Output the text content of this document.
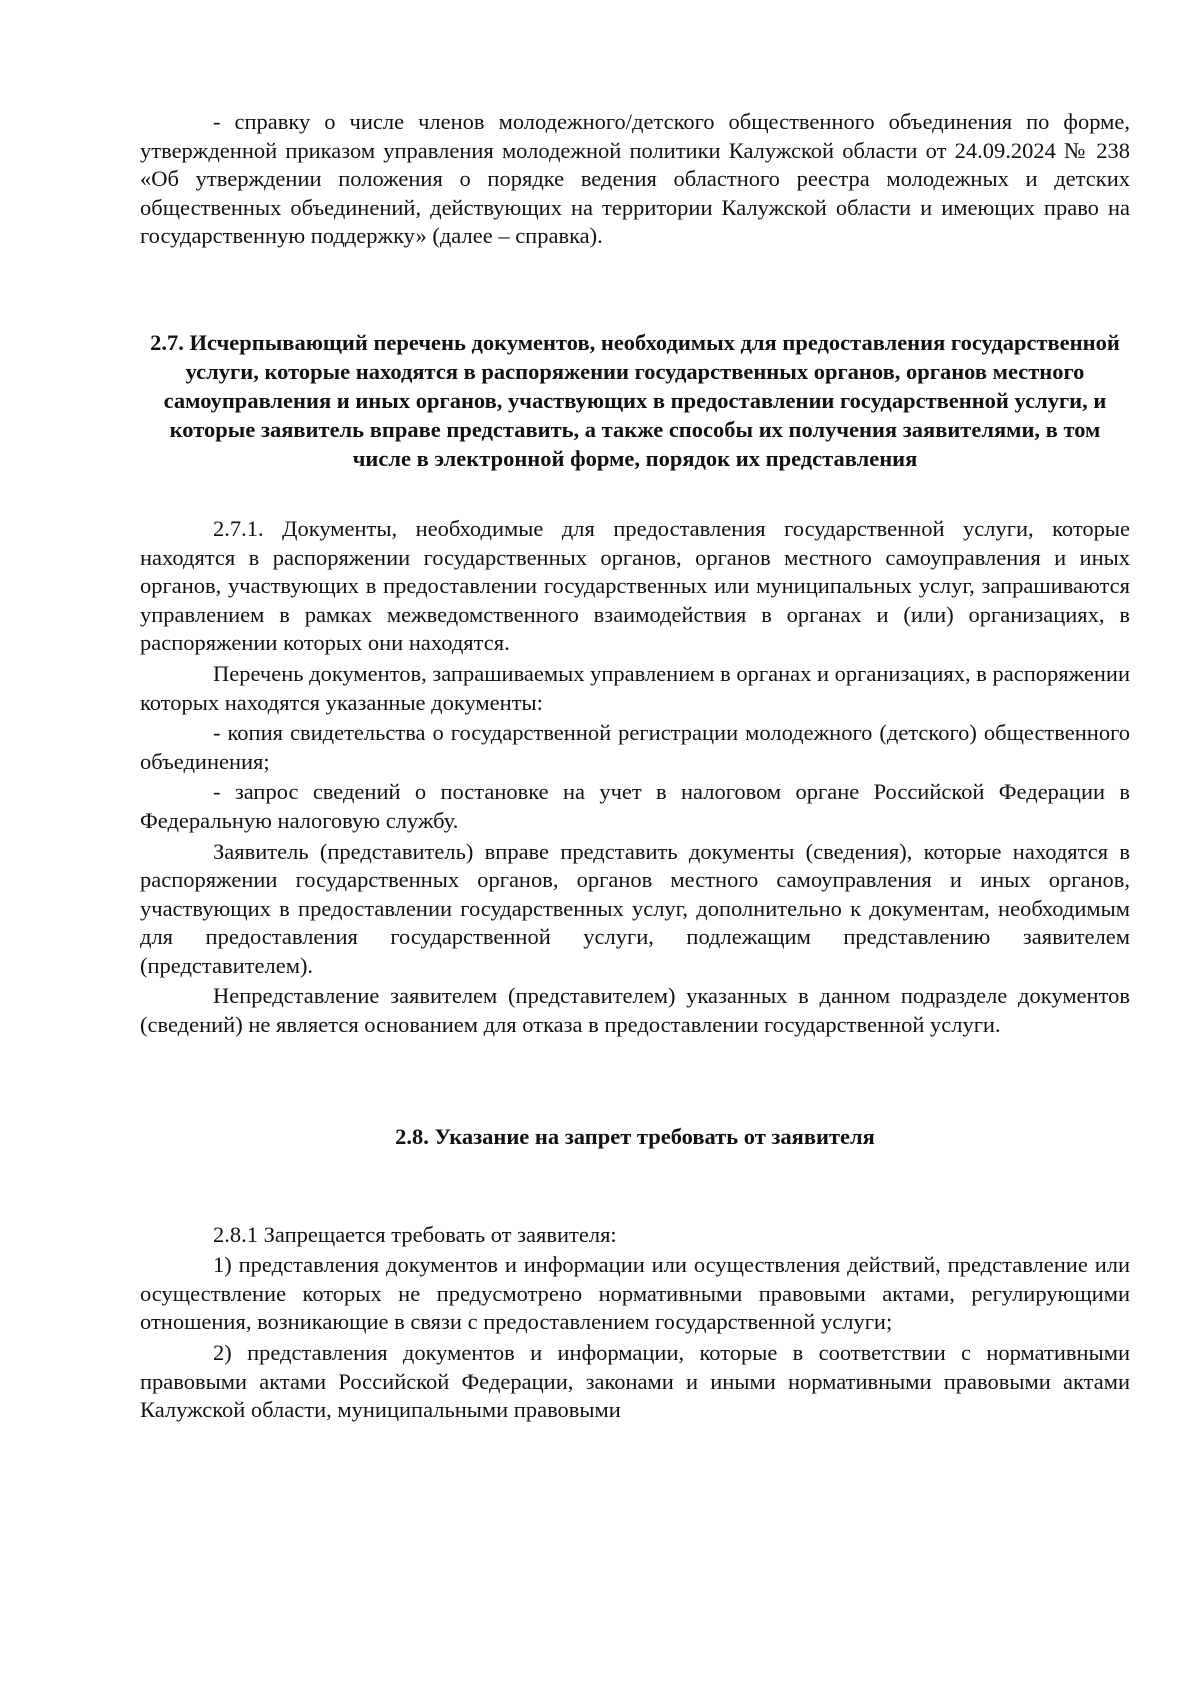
- справку о числе членов молодежного/детского общественного объединения по форме, утвержденной приказом управления молодежной политики Калужской области от 24.09.2024 № 238 «Об утверждении положения о порядке ведения областного реестра молодежных и детских общественных объединений, действующих на территории Калужской области и имеющих право на государственную поддержку» (далее – справка).

2.7. Исчерпывающий перечень документов, необходимых для предоставления государственной услуги, которые находятся в распоряжении государственных органов, органов местного самоуправления и иных органов, участвующих в предоставлении государственной услуги, и которые заявитель вправе представить, а также способы их получения заявителями, в том числе в электронной форме, порядок их представления

2.7.1. Документы, необходимые для предоставления государственной услуги, которые находятся в распоряжении государственных органов, органов местного самоуправления и иных органов, участвующих в предоставлении государственных или муниципальных услуг, запрашиваются управлением в рамках межведомственного взаимодействия в органах и (или) организациях, в распоряжении которых они находятся.

Перечень документов, запрашиваемых управлением в органах и организациях, в распоряжении которых находятся указанные документы:

- копия свидетельства о государственной регистрации молодежного (детского) общественного объединения;

- запрос сведений о постановке на учет в налоговом органе Российской Федерации в Федеральную налоговую службу.

Заявитель (представитель) вправе представить документы (сведения), которые находятся в распоряжении государственных органов, органов местного самоуправления и иных органов, участвующих в предоставлении государственных услуг, дополнительно к документам, необходимым для предоставления государственной услуги, подлежащим представлению заявителем (представителем).

Непредставление заявителем (представителем) указанных в данном подразделе документов (сведений) не является основанием для отказа в предоставлении государственной услуги.

2.8. Указание на запрет требовать от заявителя

2.8.1 Запрещается требовать от заявителя:

1) представления документов и информации или осуществления действий, представление или осуществление которых не предусмотрено нормативными правовыми актами, регулирующими отношения, возникающие в связи с предоставлением государственной услуги;

2) представления документов и информации, которые в соответствии с нормативными правовыми актами Российской Федерации, законами и иными нормативными правовыми актами Калужской области, муниципальными правовыми
